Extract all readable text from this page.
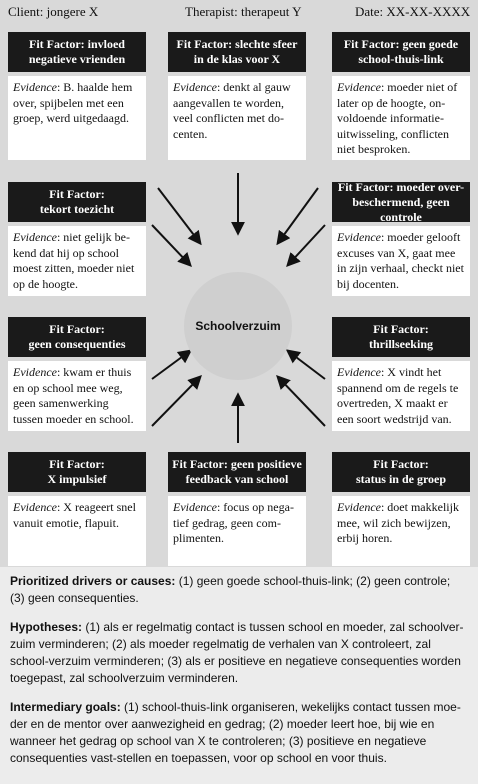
Client: jongere X	Therapist: therapeut Y	Date: XX-XX-XXXX
Schoolverzuim
Fit Factor: invloed
negatieve vrienden
Evidence: B. haalde hem over, spijbelen met een groep, werd uitgedaagd.
Fit Factor: slechte sfeer
in de klas voor X
Evidence: denkt al gauw aangevallen te worden, veel conflicten met do-centen.
Fit Factor: geen goede
school-thuis-link
Evidence: moeder niet of later op de hoogte, on-voldoende informatie-uitwisseling, conflicten niet besproken.
Fit Factor:
tekort toezicht
Evidence: niet gelijk be-kend dat hij op school moest zitten, moeder niet op de hoogte.
Fit Factor: moeder over-
beschermend, geen controle
Evidence: moeder gelooft excuses van X, gaat mee in zijn verhaal, checkt niet bij docenten.
Fit Factor:
geen consequenties
Evidence: kwam er thuis en op school mee weg, geen samenwerking tussen moeder en school.
Fit Factor:
thrillseeking
Evidence: X vindt het spannend om de regels te overtreden, X maakt er een soort wedstrijd van.
Fit Factor:
X impulsief
Evidence: X reageert snel vanuit emotie, flapuit.
Fit Factor: geen positieve
feedback van school
Evidence: focus op nega-tief gedrag, geen com-plimenten.
Fit Factor:
status in de groep
Evidence: doet makkelijk mee, wil zich bewijzen, erbij horen.

Prioritized drivers or causes: (1) geen goede school-thuis-link; (2) geen controle; (3) geen consequenties.

Hypotheses: (1) als er regelmatig contact is tussen school en moeder, zal schoolver-zuim verminderen; (2) als moeder regelmatig de verhalen van X controleert, zal school-verzuim verminderen; (3) als er positieve en negatieve consequenties worden toegepast, zal schoolverzuim verminderen.

Intermediary goals: (1) school-thuis-link organiseren, wekelijks contact tussen moe-der en de mentor over aanwezigheid en gedrag; (2) moeder leert hoe, bij wie en wanneer het gedrag op school van X te controleren; (3) positieve en negatieve consequenties vast-stellen en toepassen, voor op school en voor thuis.
